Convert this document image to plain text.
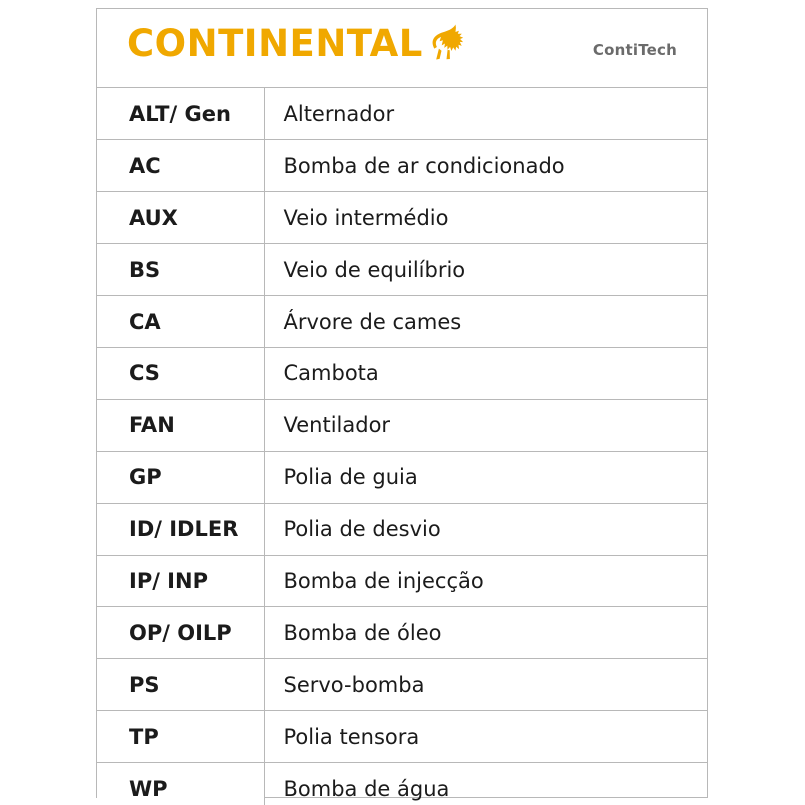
CONTINENTAL	ContiTech
ALT/ Gen	Alternador
AC	Bomba de ar condicionado
AUX	Veio intermédio
BS	Veio de equilíbrio
CA	Árvore de cames
CS	Cambota
FAN	Ventilador
GP	Polia de guia
ID/ IDLER	Polia de desvio
IP/ INP	Bomba de injecção
OP/ OILP	Bomba de óleo
PS	Servo-bomba
TP	Polia tensora
WP	Bomba de água
